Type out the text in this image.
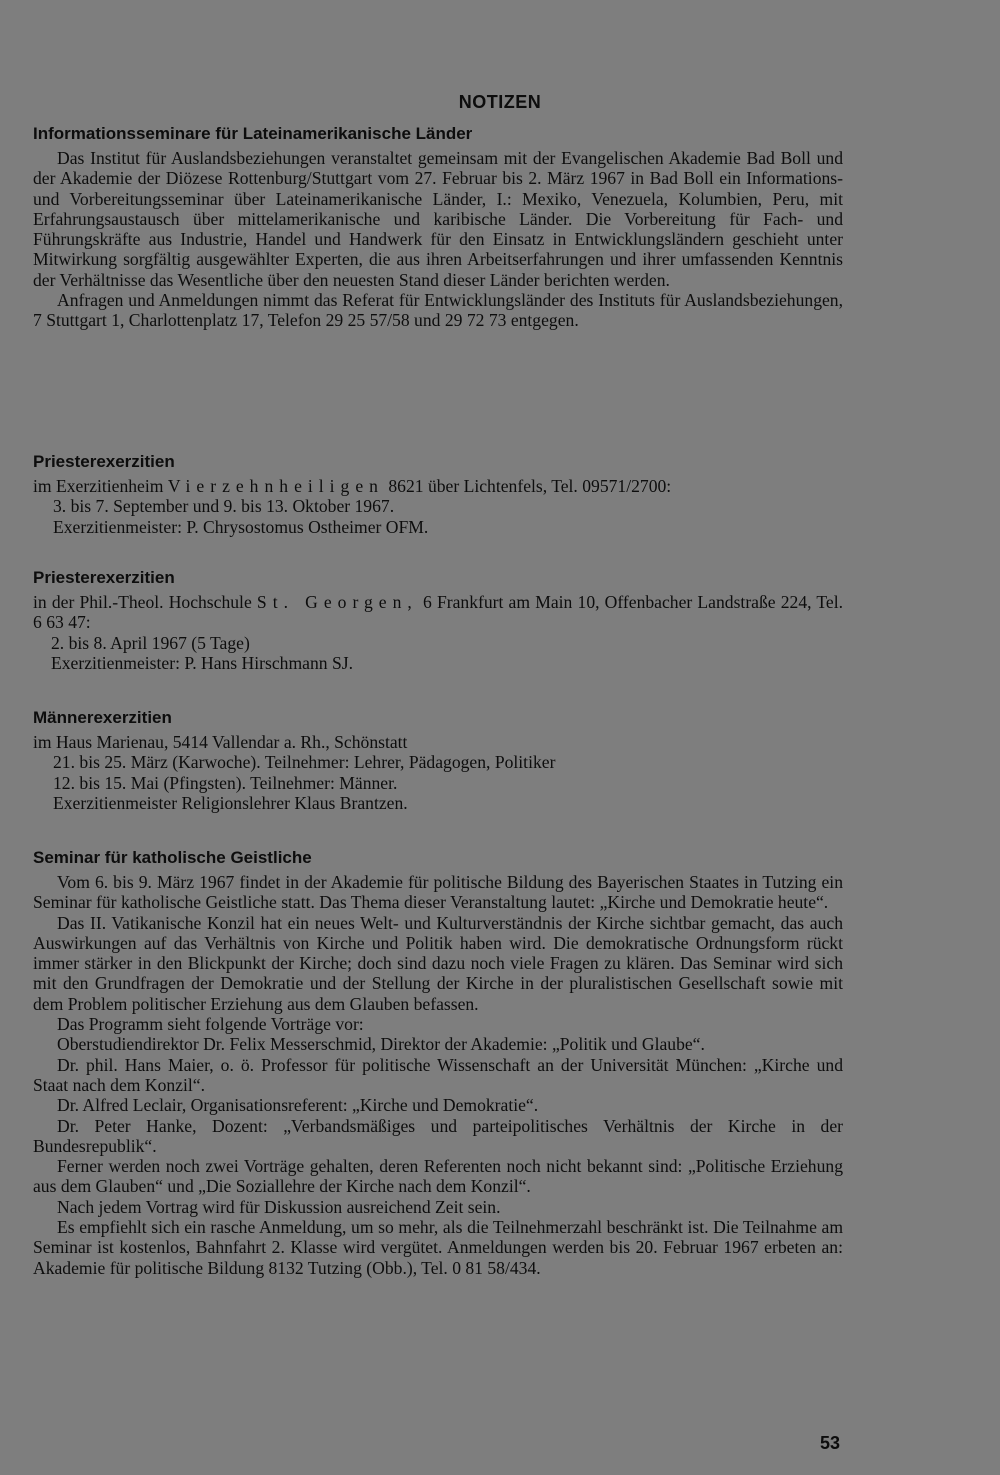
NOTIZEN
Informationsseminare für Lateinamerikanische Länder

Das Institut für Auslandsbeziehungen veranstaltet gemeinsam mit der Evangelischen Akademie Bad Boll und der Akademie der Diözese Rottenburg/Stuttgart vom 27. Februar bis 2. März 1967 in Bad Boll ein Informations- und Vorbereitungsseminar über Lateinamerikanische Länder, I.: Mexiko, Venezuela, Kolumbien, Peru, mit Erfahrungsaustausch über mittelamerikanische und karibische Länder. Die Vorbereitung für Fach- und Führungskräfte aus Industrie, Handel und Handwerk für den Einsatz in Entwicklungsländern geschieht unter Mitwirkung sorgfältig ausgewählter Experten, die aus ihren Arbeitserfahrungen und ihrer umfassenden Kenntnis der Verhältnisse das Wesentliche über den neuesten Stand dieser Länder berichten werden.

Anfragen und Anmeldungen nimmt das Referat für Entwicklungsländer des Instituts für Auslandsbeziehungen, 7 Stuttgart 1, Charlottenplatz 17, Telefon 29 25 57/58 und 29 72 73 entgegen.

Priesterexerzitien

im Exerzitienheim Vierzehnheiligen 8621 über Lichtenfels, Tel. 09571/2700:

3. bis 7. September und 9. bis 13. Oktober 1967.

Exerzitienmeister: P. Chrysostomus Ostheimer OFM.

Priesterexerzitien

in der Phil.-Theol. Hochschule St. Georgen, 6 Frankfurt am Main 10, Offenbacher Landstraße 224, Tel. 6 63 47:

2. bis 8. April 1967 (5 Tage)

Exerzitienmeister: P. Hans Hirschmann SJ.

Männerexerzitien

im Haus Marienau, 5414 Vallendar a. Rh., Schönstatt

21. bis 25. März (Karwoche). Teilnehmer: Lehrer, Pädagogen, Politiker

12. bis 15. Mai (Pfingsten). Teilnehmer: Männer.

Exerzitienmeister Religionslehrer Klaus Brantzen.

Seminar für katholische Geistliche

Vom 6. bis 9. März 1967 findet in der Akademie für politische Bildung des Bayerischen Staates in Tutzing ein Seminar für katholische Geistliche statt. Das Thema dieser Veranstaltung lautet: „Kirche und Demokratie heute“.

Das II. Vatikanische Konzil hat ein neues Welt- und Kulturverständnis der Kirche sichtbar gemacht, das auch Auswirkungen auf das Verhältnis von Kirche und Politik haben wird. Die demokratische Ordnungsform rückt immer stärker in den Blickpunkt der Kirche; doch sind dazu noch viele Fragen zu klären. Das Seminar wird sich mit den Grundfragen der Demokratie und der Stellung der Kirche in der pluralistischen Gesellschaft sowie mit dem Problem politischer Erziehung aus dem Glauben befassen.

Das Programm sieht folgende Vorträge vor:

Oberstudiendirektor Dr. Felix Messerschmid, Direktor der Akademie: „Politik und Glaube“.

Dr. phil. Hans Maier, o. ö. Professor für politische Wissenschaft an der Universität München: „Kirche und Staat nach dem Konzil“.

Dr. Alfred Leclair, Organisationsreferent: „Kirche und Demokratie“.

Dr. Peter Hanke, Dozent: „Verbandsmäßiges und parteipolitisches Verhältnis der Kirche in der Bundesrepublik“.

Ferner werden noch zwei Vorträge gehalten, deren Referenten noch nicht bekannt sind: „Politische Erziehung aus dem Glauben“ und „Die Soziallehre der Kirche nach dem Konzil“.

Nach jedem Vortrag wird für Diskussion ausreichend Zeit sein.

Es empfiehlt sich ein rasche Anmeldung, um so mehr, als die Teilnehmerzahl beschränkt ist. Die Teilnahme am Seminar ist kostenlos, Bahnfahrt 2. Klasse wird vergütet. Anmeldungen werden bis 20. Februar 1967 erbeten an: Akademie für politische Bildung 8132 Tutzing (Obb.), Tel. 0 81 58/434.

53
